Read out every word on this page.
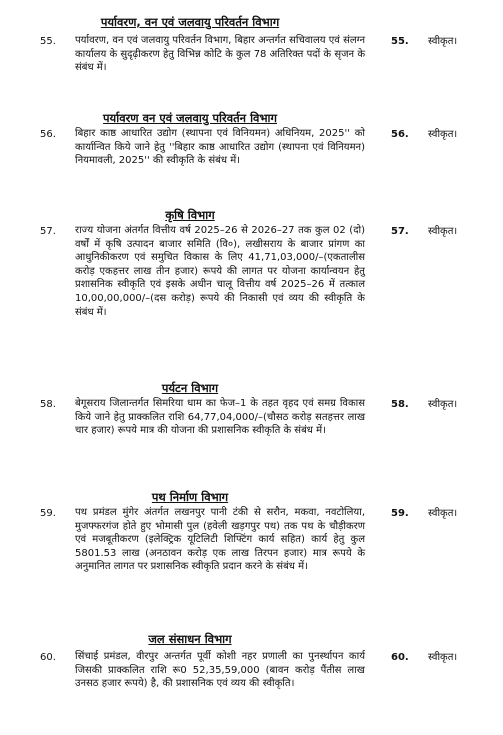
पर्यावरण, वन एवं जलवायु परिवर्तन विभाग
55. पर्यावरण, वन एवं जलवायु परिवर्तन विभाग, बिहार अन्तर्गत सचिवालय एवं संलग्न कार्यालय के सुदृढ़ीकरण हेतु विभिन्न कोटि के कुल 78 अतिरिक्त पदों के सृजन के संबंध में।
55. स्वीकृत।
पर्यावरण वन एवं जलवायु परिवर्तन विभाग
56. बिहार काष्ठ आधारित उद्योग (स्थापना एवं विनियमन) अधिनियम, 2025'' को कार्यान्वित किये जाने हेतु ''बिहार काष्ठ आधारित उद्योग (स्थापना एवं विनियमन) नियमावली, 2025'' की स्वीकृति के संबंध में।
56. स्वीकृत।
कृषि विभाग
57. राज्य योजना अंतर्गत वित्तीय वर्ष 2025–26 से 2026–27 तक कुल 02 (दो) वर्षों में कृषि उत्पादन बाजार समिति (वि०), लखीसराय के बाजार प्रांगण का आधुनिकीकरण एवं समुचित विकास के लिए 41,71,03,000/–(एकतालीस करोड़ एकहत्तर लाख तीन हजार) रूपये की लागत पर योजना कार्यान्वयन हेतु प्रशासनिक स्वीकृति एवं इसके अधीन चालू वित्तीय वर्ष 2025–26 में तत्काल 10,00,00,000/–(दस करोड़) रूपये की निकासी एवं व्यय की स्वीकृति के संबंध में।
57. स्वीकृत।
पर्यटन विभाग
58. बेगूसराय जिलान्तर्गत सिमरिया धाम का फेज–1 के तहत वृहद एवं समग्र विकास किये जाने हेतु प्राक्कलित राशि 64,77,04,000/–(चौसठ करोड़ सतहत्तर लाख चार हजार) रूपये मात्र की योजना की प्रशासनिक स्वीकृति के संबंध में।
58. स्वीकृत।
पथ निर्माण विभाग
59. पथ प्रमंडल मुंगेर अंतर्गत लखनपुर पानी टंकी से सरौन, मकवा, नवटोलिया, मुजफ्फरगंज होते हुए भोमासी पुल (हवेली खड़गपुर पथ) तक पथ के चौड़ीकरण एवं मजबूतीकरण (इलेक्ट्रिक यूटिलिटी शिफ्टिंग कार्य सहित) कार्य हेतु कुल 5801.53 लाख (अनठावन करोड़ एक लाख तिरपन हजार) मात्र रूपये के अनुमानित लागत पर प्रशासनिक स्वीकृति प्रदान करने के संबंध में।
59. स्वीकृत।
जल संसाधन विभाग
60. सिंचाई प्रमंडल, वीरपुर अन्तर्गत पूर्वी कोशी नहर प्रणाली का पुनर्स्थापन कार्य जिसकी प्राक्कलित राशि रू0 52,35,59,000 (बावन करोड़ पैंतीस लाख उनसठ हजार रूपये) है, की प्रशासनिक एवं व्यय की स्वीकृति।
60. स्वीकृत।
